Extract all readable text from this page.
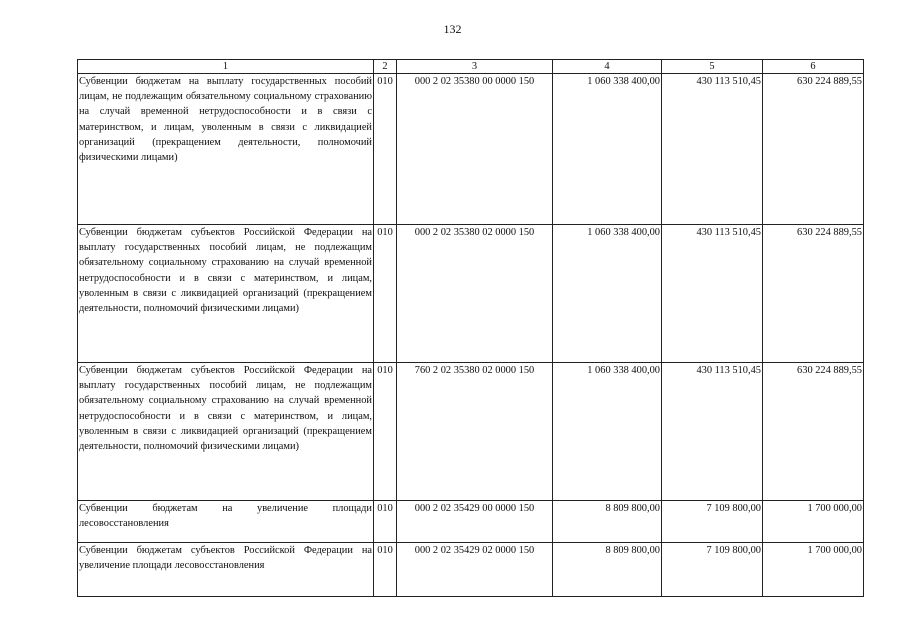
132
1	2	3	4	5	6
Субвенции бюджетам на выплату государственных пособий лицам, не подлежащим обязательному социальному страхованию на случай временной нетрудоспособности и в связи с материнством, и лицам, уволенным в связи с ликвидацией организаций (прекращением деятельности, полномочий физическими лицами)	010	000 2 02 35380 00 0000 150	1 060 338 400,00	430 113 510,45	630 224 889,55
Субвенции бюджетам субъектов Российской Федерации на выплату государственных пособий лицам, не подлежащим обязательному социальному страхованию на случай временной нетрудоспособности и в связи с материнством, и лицам, уволенным в связи с ликвидацией организаций (прекращением деятельности, полномочий физическими лицами)	010	000 2 02 35380 02 0000 150	1 060 338 400,00	430 113 510,45	630 224 889,55
Субвенции бюджетам субъектов Российской Федерации на выплату государственных пособий лицам, не подлежащим обязательному социальному страхованию на случай временной нетрудоспособности и в связи с материнством, и лицам, уволенным в связи с ликвидацией организаций (прекращением деятельности, полномочий физическими лицами)	010	760 2 02 35380 02 0000 150	1 060 338 400,00	430 113 510,45	630 224 889,55
Субвенции бюджетам на увеличение площади лесовосстановления	010	000 2 02 35429 00 0000 150	8 809 800,00	7 109 800,00	1 700 000,00
Субвенции бюджетам субъектов Российской Федерации на увеличение площади лесовосстановления	010	000 2 02 35429 02 0000 150	8 809 800,00	7 109 800,00	1 700 000,00
